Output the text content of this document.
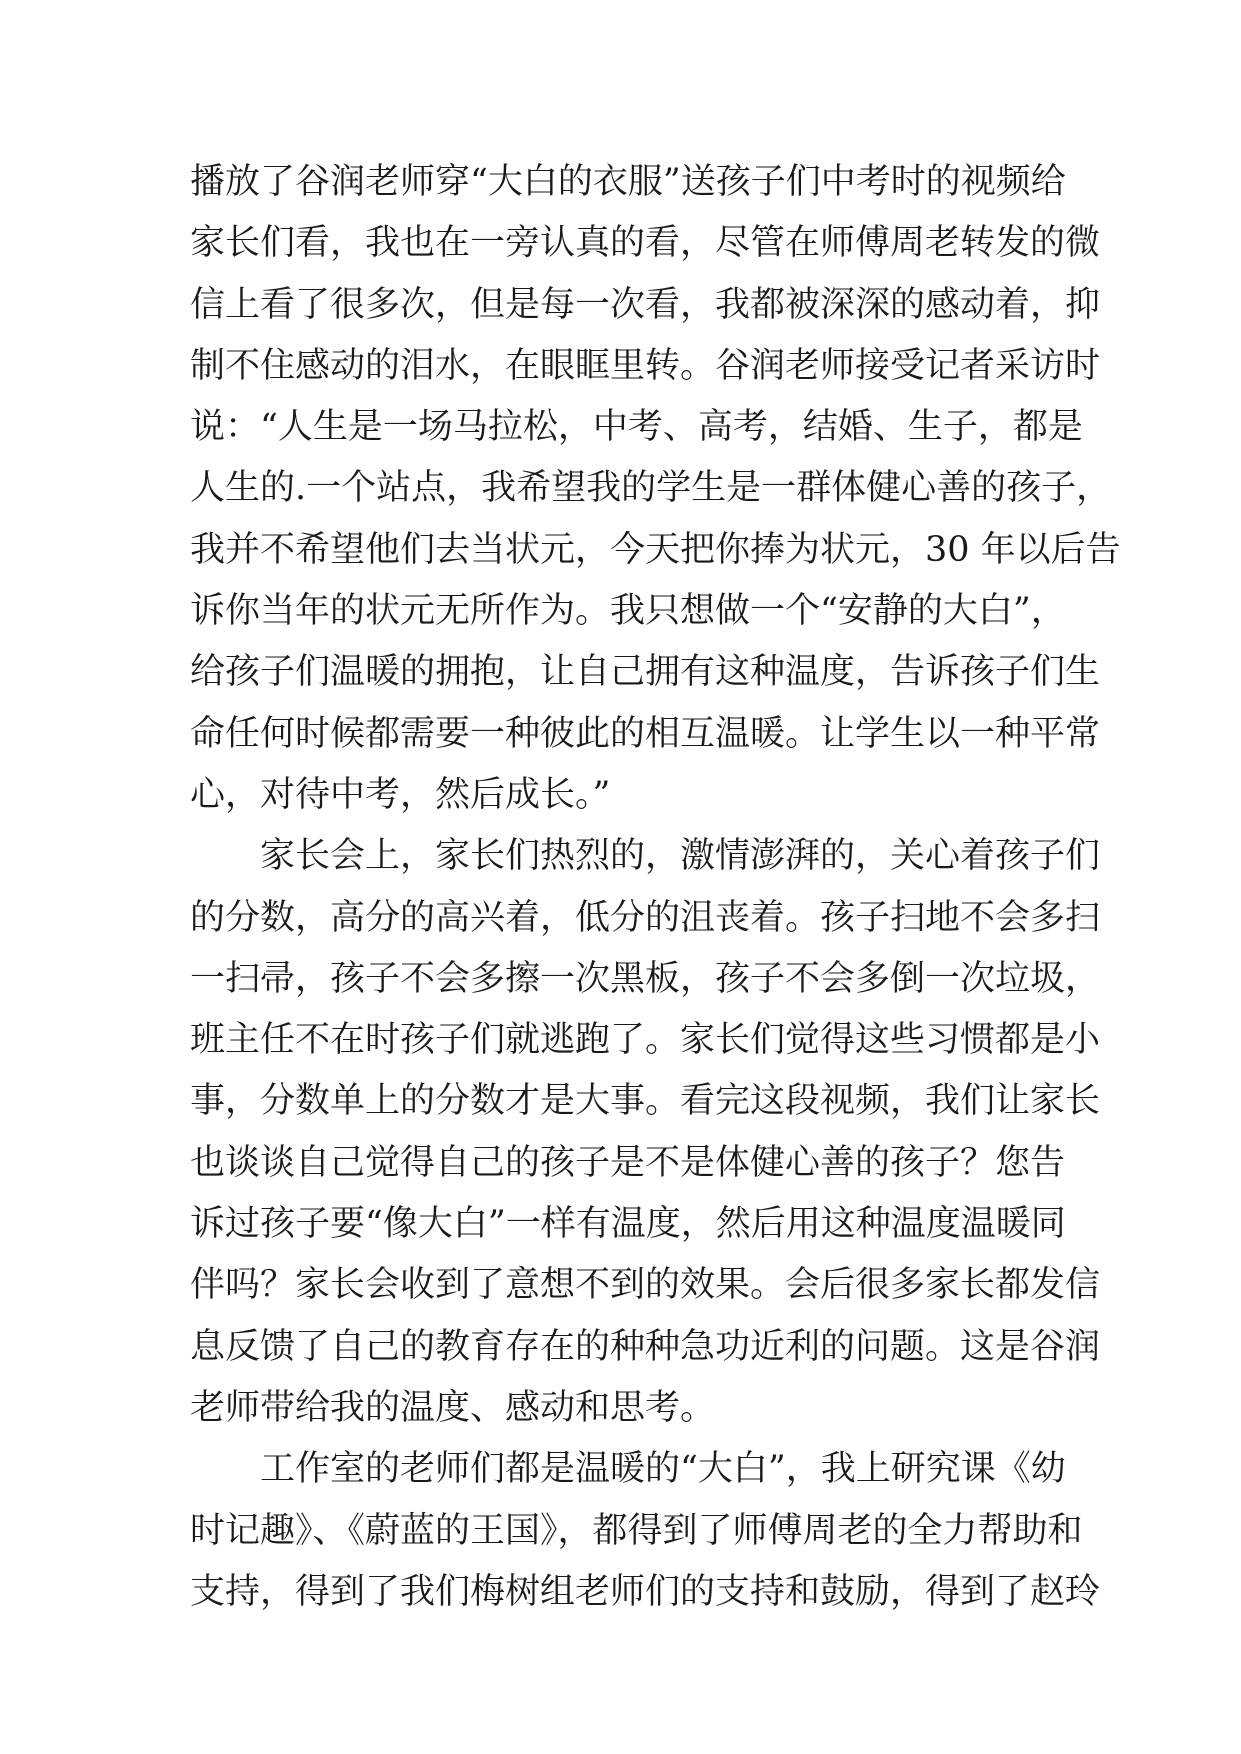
播放了谷润老师穿“大白的衣服”送孩子们中考时的视频给
家长们看，我也在一旁认真的看，尽管在师傅周老转发的微
信上看了很多次，但是每一次看，我都被深深的感动着，抑
制不住感动的泪水，在眼眶里转。谷润老师接受记者采访时
说：“人生是一场马拉松，中考、高考，结婚、生子，都是
人生的.一个站点，我希望我的学生是一群体健心善的孩子，
我并不希望他们去当状元，今天把你捧为状元，30 年以后告
诉你当年的状元无所作为。我只想做一个“安静的大白”，
给孩子们温暖的拥抱，让自己拥有这种温度，告诉孩子们生
命任何时候都需要一种彼此的相互温暖。让学生以一种平常
心，对待中考，然后成长。”
家长会上，家长们热烈的，激情澎湃的，关心着孩子们
的分数，高分的高兴着，低分的沮丧着。孩子扫地不会多扫
一扫帚，孩子不会多擦一次黑板，孩子不会多倒一次垃圾，
班主任不在时孩子们就逃跑了。家长们觉得这些习惯都是小
事，分数单上的分数才是大事。看完这段视频，我们让家长
也谈谈自己觉得自己的孩子是不是体健心善的孩子？您告
诉过孩子要“像大白”一样有温度，然后用这种温度温暖同
伴吗？家长会收到了意想不到的效果。会后很多家长都发信
息反馈了自己的教育存在的种种急功近利的问题。这是谷润
老师带给我的温度、感动和思考。
工作室的老师们都是温暖的“大白”，我上研究课《幼
时记趣》、《蔚蓝的王国》，都得到了师傅周老的全力帮助和
支持，得到了我们梅树组老师们的支持和鼓励，得到了赵玲
